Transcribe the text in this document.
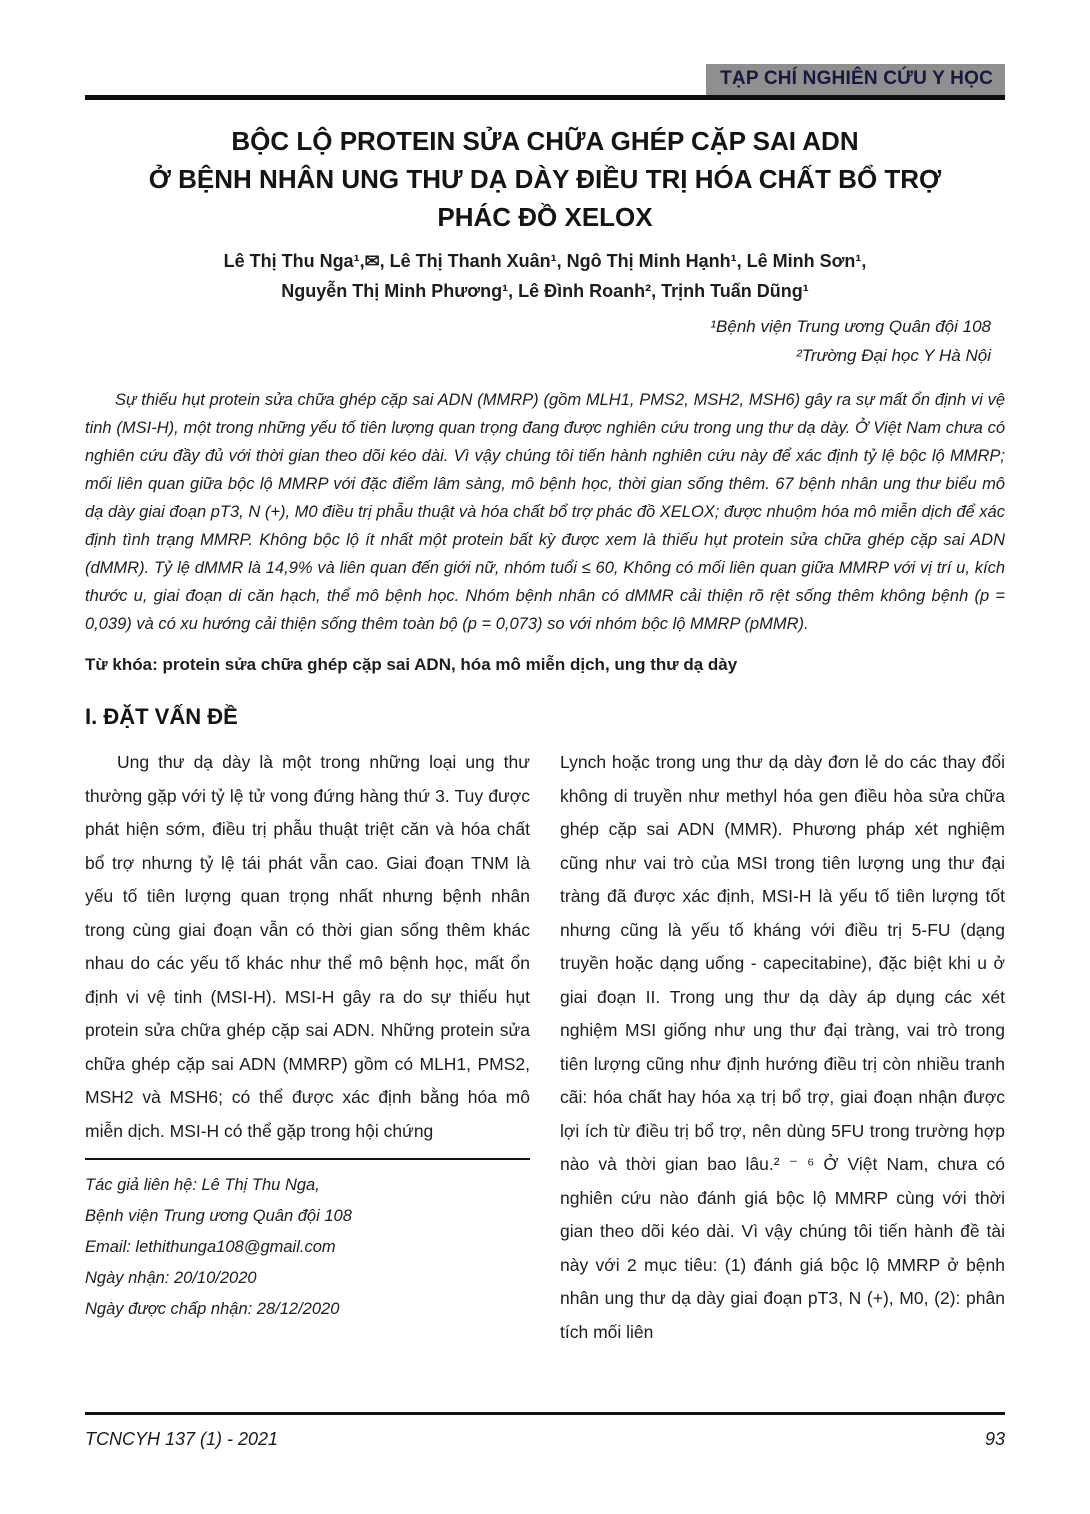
TẠP CHÍ NGHIÊN CỨU Y HỌC
BỘC LỘ PROTEIN SỬA CHỮA GHÉP CẶP SAI ADN
Ở BỆNH NHÂN UNG THƯ DẠ DÀY ĐIỀU TRỊ HÓA CHẤT BỔ TRỢ
PHÁC ĐỒ XELOX
Lê Thị Thu Nga¹,✉, Lê Thị Thanh Xuân¹, Ngô Thị Minh Hạnh¹, Lê Minh Sơn¹,
Nguyễn Thị Minh Phương¹, Lê Đình Roanh², Trịnh Tuấn Dũng¹
¹Bệnh viện Trung ương Quân đội 108
²Trường Đại học Y Hà Nội

Sự thiếu hụt protein sửa chữa ghép cặp sai ADN (MMRP) (gồm MLH1, PMS2, MSH2, MSH6) gây ra sự mất ổn định vi vệ tinh (MSI-H), một trong những yếu tố tiên lượng quan trọng đang được nghiên cứu trong ung thư dạ dày. Ở Việt Nam chưa có nghiên cứu đầy đủ với thời gian theo dõi kéo dài. Vì vậy chúng tôi tiến hành nghiên cứu này để xác định tỷ lệ bộc lộ MMRP; mối liên quan giữa bộc lộ MMRP với đặc điểm lâm sàng, mô bệnh học, thời gian sống thêm. 67 bệnh nhân ung thư biểu mô dạ dày giai đoạn pT3, N (+), M0 điều trị phẫu thuật và hóa chất bổ trợ phác đồ XELOX; được nhuộm hóa mô miễn dịch để xác định tình trạng MMRP. Không bộc lộ ít nhất một protein bất kỳ được xem là thiếu hụt protein sửa chữa ghép cặp sai ADN (dMMR). Tỷ lệ dMMR là 14,9% và liên quan đến giới nữ, nhóm tuổi ≤ 60, Không có mối liên quan giữa MMRP với vị trí u, kích thước u, giai đoạn di căn hạch, thể mô bệnh học. Nhóm bệnh nhân có dMMR cải thiện rõ rệt sống thêm không bệnh (p = 0,039) và có xu hướng cải thiện sống thêm toàn bộ (p = 0,073) so với nhóm bộc lộ MMRP (pMMR).

Từ khóa: protein sửa chữa ghép cặp sai ADN, hóa mô miễn dịch, ung thư dạ dày

I. ĐẶT VẤN ĐỀ

Ung thư dạ dày là một trong những loại ung thư thường gặp với tỷ lệ tử vong đứng hàng thứ 3. Tuy được phát hiện sớm, điều trị phẫu thuật triệt căn và hóa chất bổ trợ nhưng tỷ lệ tái phát vẫn cao. Giai đoạn TNM là yếu tố tiên lượng quan trọng nhất nhưng bệnh nhân trong cùng giai đoạn vẫn có thời gian sống thêm khác nhau do các yếu tố khác như thể mô bệnh học, mất ổn định vi vệ tinh (MSI-H). MSI-H gây ra do sự thiếu hụt protein sửa chữa ghép cặp sai ADN. Những protein sửa chữa ghép cặp sai ADN (MMRP) gồm có MLH1, PMS2, MSH2 và MSH6; có thể được xác định bằng hóa mô miễn dịch. MSI-H có thể gặp trong hội chứng

Tác giả liên hệ: Lê Thị Thu Nga,
Bệnh viện Trung ương Quân đội 108
Email: lethithunga108@gmail.com
Ngày nhận: 20/10/2020
Ngày được chấp nhận: 28/12/2020

Lynch hoặc trong ung thư dạ dày đơn lẻ do các thay đổi không di truyền như methyl hóa gen điều hòa sửa chữa ghép cặp sai ADN (MMR). Phương pháp xét nghiệm cũng như vai trò của MSI trong tiên lượng ung thư đại tràng đã được xác định, MSI-H là yếu tố tiên lượng tốt nhưng cũng là yếu tố kháng với điều trị 5-FU (dạng truyền hoặc dạng uống - capecitabine), đặc biệt khi u ở giai đoạn II. Trong ung thư dạ dày áp dụng các xét nghiệm MSI giống như ung thư đại tràng, vai trò trong tiên lượng cũng như định hướng điều trị còn nhiều tranh cãi: hóa chất hay hóa xạ trị bổ trợ, giai đoạn nhận được lợi ích từ điều trị bổ trợ, nên dùng 5FU trong trường hợp nào và thời gian bao lâu.² ⁻ ⁶ Ở Việt Nam, chưa có nghiên cứu nào đánh giá bộc lộ MMRP cùng với thời gian theo dõi kéo dài. Vì vậy chúng tôi tiến hành đề tài này với 2 mục tiêu: (1) đánh giá bộc lộ MMRP ở bệnh nhân ung thư dạ dày giai đoạn pT3, N (+), M0, (2): phân tích mối liên

TCNCYH 137 (1) - 2021	93
